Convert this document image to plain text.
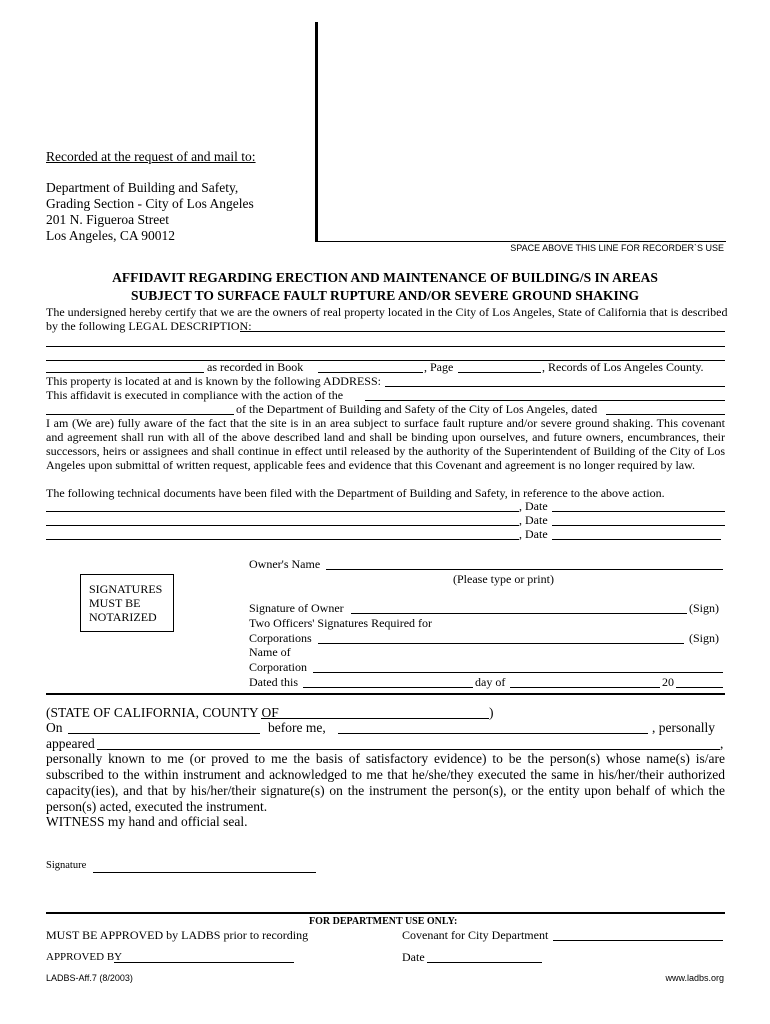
Recorded at the request of and mail to:
Department of Building and Safety,
Grading Section - City of Los Angeles
201 N. Figueroa Street
Los Angeles, CA 90012
SPACE ABOVE THIS LINE FOR RECORDER`S USE
AFFIDAVIT REGARDING ERECTION AND MAINTENANCE OF BUILDING/S IN AREAS
SUBJECT TO SURFACE FAULT RUPTURE AND/OR SEVERE GROUND SHAKING
The undersigned hereby certify that we are the owners of real property located in the City of Los Angeles, State of California that is described
by the following LEGAL DESCRIPTION:
as recorded in Book	, Page	, Records of Los Angeles County.
This property is located at and is known by the following ADDRESS:
This affidavit is executed in compliance with the action of the
of the Department of Building and Safety of the City of Los Angeles, dated
I am (We are) fully aware of the fact that the site is in an area subject to surface fault rupture and/or severe ground shaking. This covenant
and agreement shall run with all of the above described land and shall be binding upon ourselves, and future owners, encumbrances, their
successors, heirs or assignees and shall continue in effect until released by the authority of the Superintendent of Building of the City of Los
Angeles upon submittal of written request, applicable fees and evidence that this Covenant and agreement is no longer required by law.
The following technical documents have been filed with the Department of Building and Safety, in reference to the above action.
, Date
, Date
, Date
SIGNATURES
MUST BE
NOTARIZED
Owner's Name
(Please type or print)
Signature of Owner	(Sign)
Two Officers' Signatures Required for
Corporations	(Sign)
Name of
Corporation
Dated this	day of	20
(STATE OF CALIFORNIA, COUNTY OF	)
On	before me,	, personally
appeared	,
personally known to me (or proved to me the basis of satisfactory evidence) to be the person(s) whose name(s) is/are
subscribed to the within instrument and acknowledged to me that he/she/they executed the same in his/her/their authorized
capacity(ies), and that by his/her/their signature(s) on the instrument the person(s), or the entity upon behalf of which the
person(s) acted, executed the instrument.
WITNESS my hand and official seal.
Signature
FOR DEPARTMENT USE ONLY:
MUST BE APPROVED by LADBS prior to recording	Covenant for City Department
APPROVED BY	Date
LADBS-Aff.7 (8/2003)	www.ladbs.org
